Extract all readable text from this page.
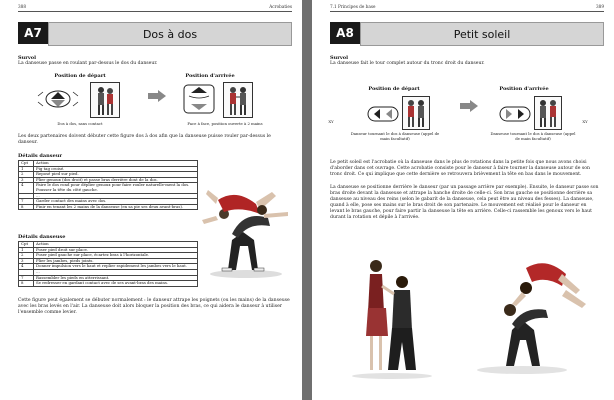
388	Acrobaties
A7	Dos à dos
Survol
La danseuse passe en roulant par-dessus le dos du danseur.
Position de départ	Position d'arrivée
Dos à dos, sans contact	Face à face, position ouverte à 2 mains
Les deux partenaires doivent débuter cette figure dos à dos afin que la danseuse puisse rouler par-dessus le danseur.
Détails danseur
Cpt	Action
1	Pig tag croisé.
2	Reposé pied sur pied.
3	Plier genoux (dos droit) et passe bras derrière dont de la dos.
4	Faire le dos rond pour déplier genoux pour faire rouler naturelle-ment la dos. Pousser la tête du côté gauche.
	...
7	Garder contact des mains avec dos.
8	Finir en tenant les 2 mains de la danseuse (en sa pie ses deux avant-bras).
Détails danseuse
Cpt	Action
1	Poser pied droit sur place.
2	Poser pied gauche sur place, écartez bras à l'horizontale.
3	Plier les jambes, pieds joints.
4	Donner impulsion vers le haut et replier rapidement les jambes vers le haut.
	...
7	Rassembler les pieds en atterrissant.
8	Se redresser en gardant contact avec de ses avant-bras des mains.
Cette figure peut également se débuter normalement : le danseur attrape les poignets (ou les mains) de la danseuse avec les bras levés en l'air. La danseuse doit alors bloquer la position des bras, ce qui aidera le danseur à utiliser l'ensemble comme levier.
7.1 Principes de base	389
A8	Petit soleil
Survol
La danseuse fait le tour complet autour du tronc droit du danseur.
Position de départ	Position d'arrivée
XY	XY
Danseur tournant le dos à danseuse (appel de main facultatif)
Danseuse tournant le dos à danseuse (appel de main facultatif)
Le petit soleil est l'acrobatie où la danseuse dans le plus de rotations dans la petite fois que nous avons choisi d'aborder dans cet ouvrage. Cette acrobatie consiste pour le danseur à faire tourner la danseuse autour de son tronc droit. Ce qui implique que cette dernière se retrouvera brièvement la tête en bas dans le mouvement.
La danseuse se positionne derrière le danseur (par un passage arrière par exemple). Ensuite, le danseur passe son bras droite devant la danseuse et attrape la hanche droite de celle-ci. Son bras gauche se positionne derrière sa danseuse au niveau des reins (selon le gabarit de la danseuse, cela peut être au niveau des fesses). La danseuse, quand à elle, pose ses mains sur le bras droit de son partenaire. Le mouvement est réalisé pour le danseur en levant le bras gauche, pour faire partir la danseuse la tête en arrière. Celle-ci rassemble les genoux vers le haut durant la rotation et dépile à l'arrivée.
